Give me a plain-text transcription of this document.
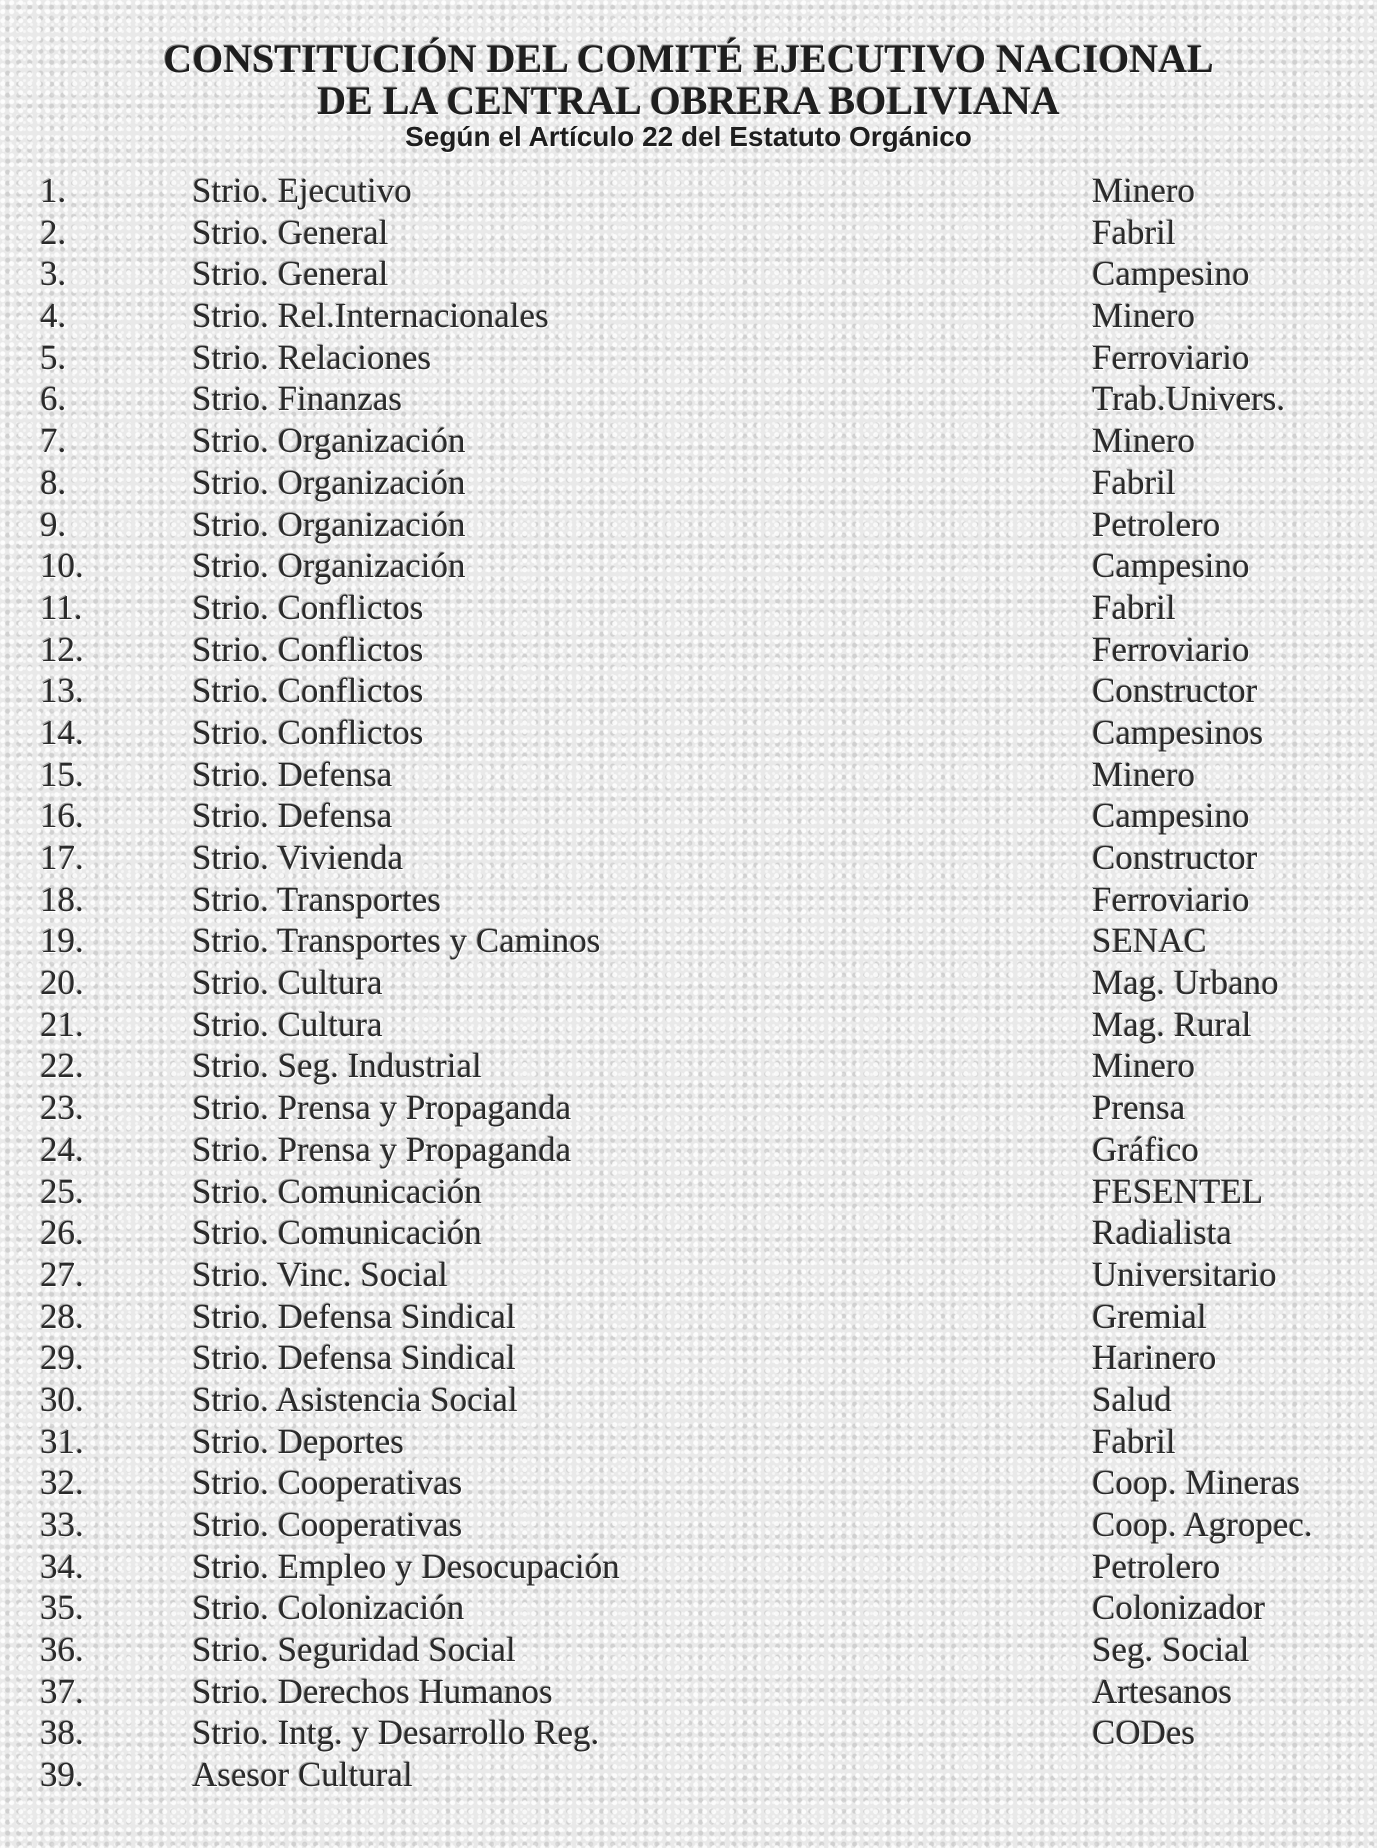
CONSTITUCIÓN DEL COMITÉ EJECUTIVO NACIONAL
DE LA CENTRAL OBRERA BOLIVIANA
Según el Artículo 22 del Estatuto Orgánico
1.	Strio. Ejecutivo	Minero
2.	Strio. General	Fabril
3.	Strio. General	Campesino
4.	Strio. Rel.Internacionales	Minero
5.	Strio. Relaciones	Ferroviario
6.	Strio. Finanzas	Trab.Univers.
7.	Strio. Organización	Minero
8.	Strio. Organización	Fabril
9.	Strio. Organización	Petrolero
10.	Strio. Organización	Campesino
11.	Strio. Conflictos	Fabril
12.	Strio. Conflictos	Ferroviario
13.	Strio. Conflictos	Constructor
14.	Strio. Conflictos	Campesinos
15.	Strio. Defensa	Minero
16.	Strio. Defensa	Campesino
17.	Strio. Vivienda	Constructor
18.	Strio. Transportes	Ferroviario
19.	Strio. Transportes y Caminos	SENAC
20.	Strio. Cultura	Mag. Urbano
21.	Strio. Cultura	Mag. Rural
22.	Strio. Seg. Industrial	Minero
23.	Strio. Prensa y Propaganda	Prensa
24.	Strio. Prensa y Propaganda	Gráfico
25.	Strio. Comunicación	FESENTEL
26.	Strio. Comunicación	Radialista
27.	Strio. Vinc. Social	Universitario
28.	Strio. Defensa Sindical	Gremial
29.	Strio. Defensa Sindical	Harinero
30.	Strio. Asistencia Social	Salud
31.	Strio. Deportes	Fabril
32.	Strio. Cooperativas	Coop. Mineras
33.	Strio. Cooperativas	Coop. Agropec.
34.	Strio. Empleo y Desocupación	Petrolero
35.	Strio. Colonización	Colonizador
36.	Strio. Seguridad Social	Seg. Social
37.	Strio. Derechos Humanos	Artesanos
38.	Strio. Intg. y Desarrollo Reg.	CODes
39.	Asesor Cultural
